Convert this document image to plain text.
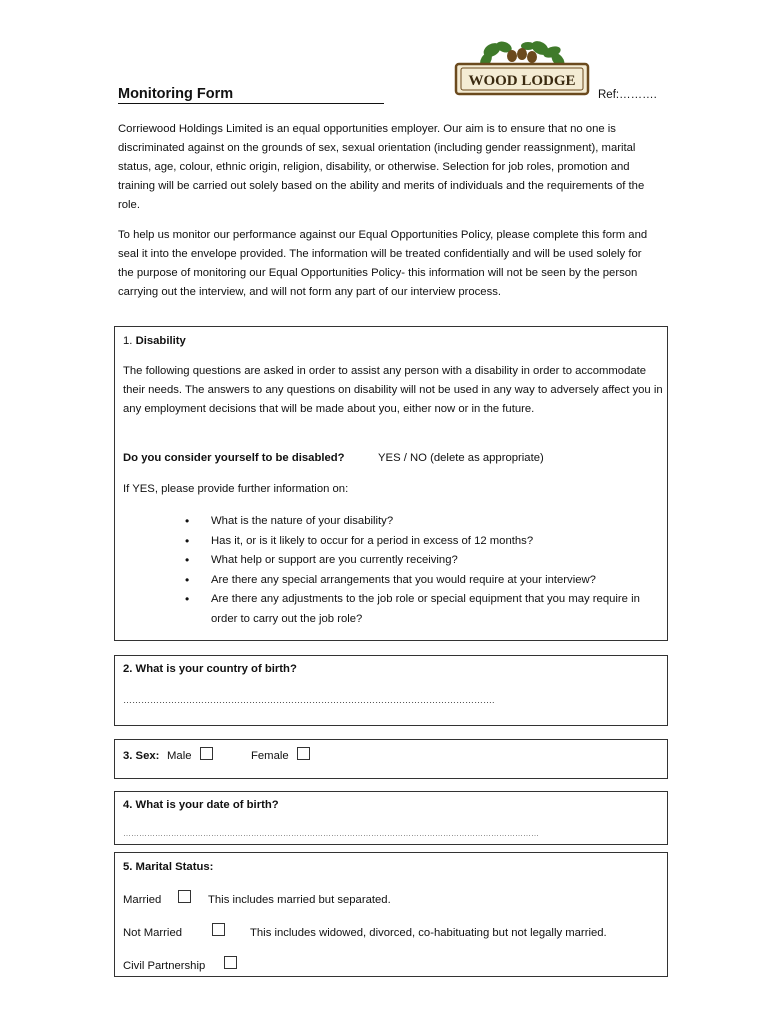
Monitoring Form
WOOD LODGE
Ref:……….

Corriewood Holdings Limited is an equal opportunities employer. Our aim is to ensure that no one is discriminated against on the grounds of sex, sexual orientation (including gender reassignment), marital status, age, colour, ethnic origin, religion, disability, or otherwise. Selection for job roles, promotion and training will be carried out solely based on the ability and merits of individuals and the requirements of the role.

To help us monitor our performance against our Equal Opportunities Policy, please complete this form and seal it into the envelope provided. The information will be treated confidentially and will be used solely for the purpose of monitoring our Equal Opportunities Policy- this information will not be seen by the person carrying out the interview, and will not form any part of our interview process.

1. Disability

The following questions are asked in order to assist any person with a disability in order to accommodate their needs. The answers to any questions on disability will not be used in any way to adversely affect you in any employment decisions that will be made about you, either now or in the future.

Do you consider yourself to be disabled?	YES / NO (delete as appropriate)
If YES, please provide further information on:
• What is the nature of your disability?
• Has it, or is it likely to occur for a period in excess of 12 months?
• What help or support are you currently receiving?
• Are there any special arrangements that you would require at your interview?
• Are there any adjustments to the job role or special equipment that you may require in order to carry out the job role?
2. What is your country of birth?
…………………………………………………………………………………………………………….
3. Sex: Male	Female
4. What is your date of birth?
…………………………………………………………………………………………………………………………………………
5. Marital Status:
Married	This includes married but separated.
Not Married	This includes widowed, divorced, co-habituating but not legally married.
Civil Partnership
